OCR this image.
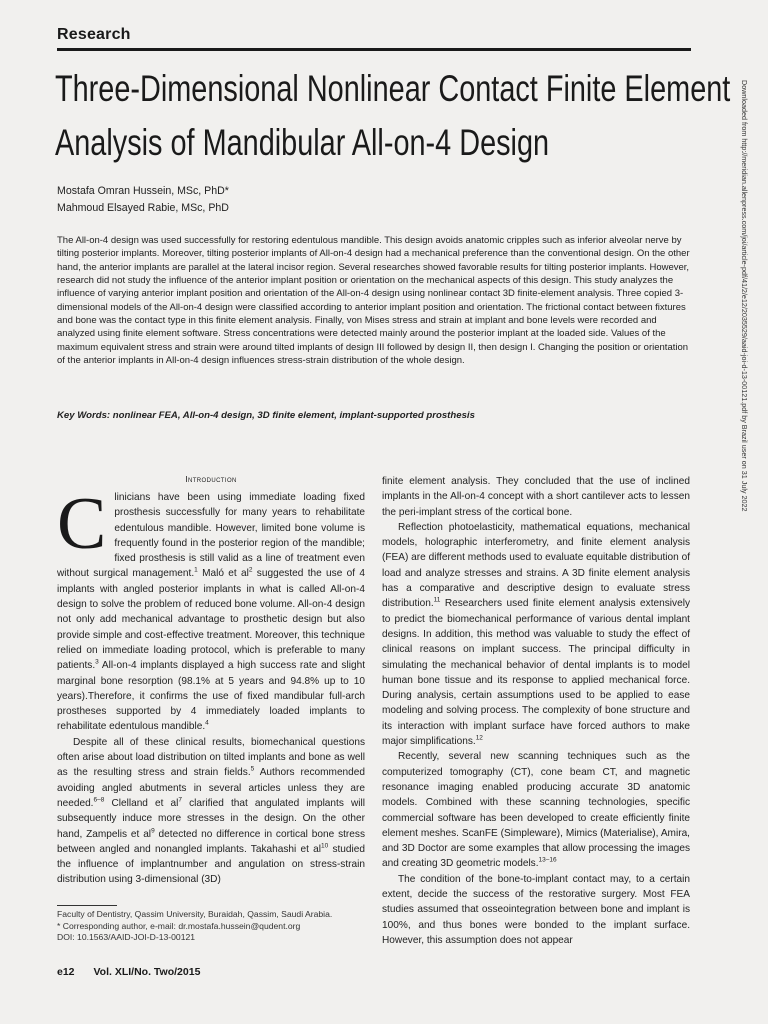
Research
Three-Dimensional Nonlinear Contact Finite Element
Analysis of Mandibular All-on-4 Design
Mostafa Omran Hussein, MSc, PhD*
Mahmoud Elsayed Rabie, MSc, PhD

The All-on-4 design was used successfully for restoring edentulous mandible. This design avoids anatomic cripples such as inferior alveolar nerve by tilting posterior implants. Moreover, tilting posterior implants of All-on-4 design had a mechanical preference than the conventional design. On the other hand, the anterior implants are parallel at the lateral incisor region. Several researches showed favorable results for tilting posterior implants. However, research did not study the influence of the anterior implant position or orientation on the mechanical aspects of this design. This study analyzes the influence of varying anterior implant position and orientation of the All-on-4 design using nonlinear contact 3D finite-element analysis. Three copied 3-dimensional models of the All-on-4 design were classified according to anterior implant position and orientation. The frictional contact between fixtures and bone was the contact type in this finite element analysis. Finally, von Mises stress and strain at implant and bone levels were recorded and analyzed using finite element software. Stress concentrations were detected mainly around the posterior implant at the loaded side. Values of the maximum equivalent stress and strain were around tilted implants of design III followed by design II, then design I. Changing the position or orientation of the anterior implants in All-on-4 design influences stress-strain distribution of the whole design.

Key Words: nonlinear FEA, All-on-4 design, 3D finite element, implant-supported prosthesis	Downloaded from http://meridian.allenpress.com/joi/article-pdf/41/2/e12/2035529/aaid-joi-d-13-00121.pdf by Brazil user on 31 July 2022
Introduction

Clinicians have been using immediate loading fixed prosthesis successfully for many years to rehabilitate edentulous mandible. However, limited bone volume is frequently found in the posterior region of the mandible; fixed prosthesis is still valid as a line of treatment even without surgical management.$^1$ Maló et $al^2$ suggested the use of 4 implants with angled posterior implants in what is called All-on-4 design to solve the problem of reduced bone volume. All-on-4 design not only add mechanical advantage to prosthetic design but also provide simple and cost-effective treatment. Moreover, this technique relied on immediate loading protocol, which is preferable to many patients.$^3$ All-on-4 implants displayed a high success rate and slight marginal bone resorption (98.1% at 5 years and 94.8% up to 10 years).Therefore, it confirms the use of fixed mandibular full-arch prostheses supported by 4 immediately loaded implants to rehabilitate edentulous mandible.$^4$

Despite all of these clinical results, biomechanical questions often arise about load distribution on tilted implants and bone as well as the resulting stress and strain fields.$^5$ Authors recommended avoiding angled abutments in several articles unless they are needed.$^{6-8}$ Clelland et $al^7$ clarified that angulated implants will subsequently induce more stresses in the design. On the other hand, Zampelis et $al^9$ detected no difference in cortical bone stress between angled and nonangled implants. Takahashi et $al^{10}$ studied the influence of implantnumber and angulation on stress-strain distribution using 3-dimensional (3D)

finite element analysis. They concluded that the use of inclined implants in the All-on-4 concept with a short cantilever acts to lessen the peri-implant stress of the cortical bone.

Reflection photoelasticity, mathematical equations, mechanical models, holographic interferometry, and finite element analysis (FEA) are different methods used to evaluate equitable distribution of load and analyze stresses and strains. A 3D finite element analysis has a comparative and descriptive design to evaluate stress distribution.$^{11}$ Researchers used finite element analysis extensively to predict the biomechanical performance of various dental implant designs. In addition, this method was valuable to study the effect of clinical reasons on implant success. The principal difficulty in simulating the mechanical behavior of dental implants is to model human bone tissue and its response to applied mechanical force. During analysis, certain assumptions used to be applied to ease modeling and solving process. The complexity of bone structure and its interaction with implant surface have forced authors to make major simplifications.$^{12}$

Recently, several new scanning techniques such as the computerized tomography (CT), cone beam CT, and magnetic resonance imaging enabled producing accurate 3D anatomic models. Combined with these scanning technologies, specific commercial software has been developed to create efficiently finite element meshes. ScanFE (Simpleware), Mimics (Materialise), Amira, and 3D Doctor are some examples that allow processing the images and creating 3D geometric models.$^{13-16}$

The condition of the bone-to-implant contact may, to a certain extent, decide the success of the restorative surgery. Most FEA studies assumed that osseointegration between bone and implant is 100%, and thus bones were bonded to the implant surface. However, this assumption does not appear

Faculty of Dentistry, Qassim University, Buraidah, Qassim, Saudi Arabia.
* Corresponding author, e-mail: dr.mostafa.hussein@qudent.org
DOI: 10.1563/AAID-JOI-D-13-00121
e12 Vol. XLI/No. Two/2015
